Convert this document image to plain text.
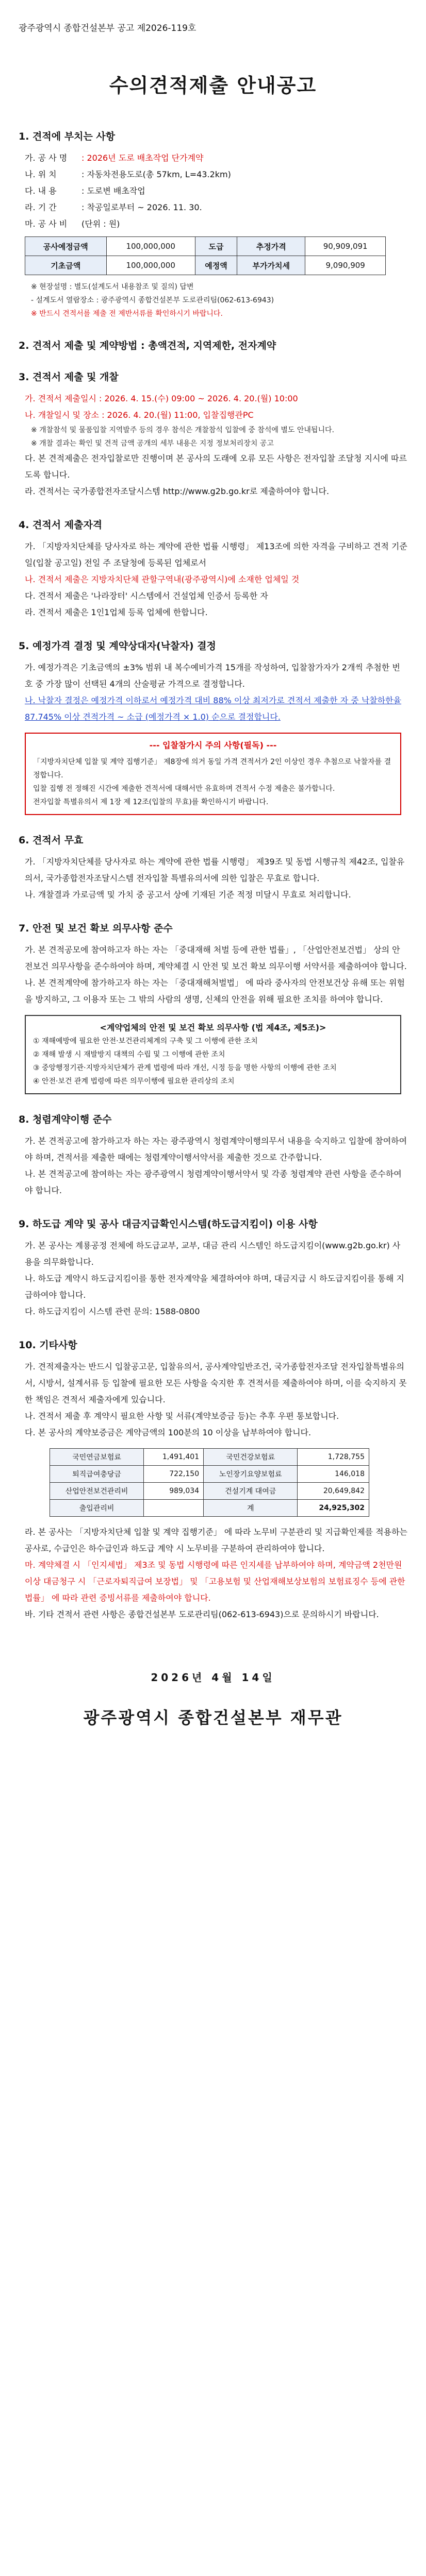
광주광역시 종합건설본부 공고 제2026-119호
수의견적제출 안내공고
1. 견적에 부치는 사항
가. 공 사 명 : 2026년 도로 배초작업 단가계약
나. 위 치	: 자동차전용도로(총 57km, L=43.2km)
다. 내 용	: 도로변 배초작업
라. 기 간	: 착공일로부터 ~ 2026. 11. 30.
마. 공 사 비 (단위 : 원)
공사예정금액	100,000,000	도급	추정가격	90,909,091
기초금액	100,000,000	예정액	부가가치세	9,090,909
※ 현장설명 : 별도(설계도서 내용참조 및 질의) 답변
- 설계도서 열람장소 : 광주광역시 종합건설본부 도로관리팀(062-613-6943)
※ 반드시 견적서를 제출 전 제반서류를 확인하시기 바랍니다.
2. 견적서 제출 및 계약방법 : 총액견적, 지역제한, 전자계약
3. 견적서 제출 및 개찰
가. 견적서 제출일시 : 2026. 4. 15.(수) 09:00 ~ 2026. 4. 20.(월) 10:00
나. 개찰일시 및 장소 : 2026. 4. 20.(월) 11:00, 입찰집행관PC
※ 개찰참석 및 물품입찰 지역발주 등의 경우 참석은 개찰참석 입찰에 중 참석에 별도 안내됩니다.
※ 개찰 결과는 확인 및 견적 금액 공개의 세부 내용은 지정 정보처리장치 공고
다. 본 견적제출은 전자입찰로만 진행이며 본 공사의 도래에 오류 모든 사항은 전자입찰 조달청 지시에 따르도록 합니다.
라. 견적서는 국가종합전자조달시스템 http://www.g2b.go.kr로 제출하여야 합니다.
4. 견적서 제출자격
가. 「지방자치단체를 당사자로 하는 계약에 관한 법률 시행령」 제13조에 의한 자격을 구비하고 견적 기준일(입찰 공고일) 전일 주 조달청에 등록된 업체로서
나. 견적서 제출은 지방자치단체 관할구역내(광주광역시)에 소재한 업체일 것
다. 견적서 제출은 '나라장터' 시스템에서 건설업체 인증서 등록한 자
라. 견적서 제출은 1인1업체 등록 업체에 한합니다.
5. 예정가격 결정 및 계약상대자(낙찰자) 결정
가. 예정가격은 기초금액의 ±3% 범위 내 복수예비가격 15개를 작성하여, 입찰참가자가 2개씩 추첨한 번호 중 가장 많이 선택된 4개의 산술평균 가격으로 결정합니다.
나. 낙찰자 결정은 예정가격 이하로서 예정가격 대비 88% 이상 최저가로 견적서 제출한 자 중 낙찰하한율 87.745% 이상 견적가격 ~ 소급 (예정가격 × 1.0) 순으로 결정합니다.
--- 입찰참가시 주의 사항(필독) ---
「지방자치단체 입찰 및 계약 집행기준」 제8장에 의거 동일 가격 견적서가 2인 이상인 경우 추첨으로 낙찰자를 결정합니다.
입찰 집행 전 정해진 시간에 제출한 견적서에 대해서만 유효하며 견적서 수정 제출은 불가합니다.
전자입찰 특별유의서 제 1장 제 12조(입찰의 무효)를 확인하시기 바랍니다.
6. 견적서 무효
가. 「지방자치단체를 당사자로 하는 계약에 관한 법률 시행령」 제39조 및 동법 시행규칙 제42조, 입찰유의서, 국가종합전자조달시스템 전자입찰 특별유의서에 의한 입찰은 무효로 합니다.
나. 개찰결과 가로금액 및 가치 중 공고서 상에 기재된 기준 적정 미달시 무효로 처리합니다.
7. 안전 및 보건 확보 의무사항 준수
가. 본 견적공모에 참여하고자 하는 자는 「중대재해 처벌 등에 관한 법률」, 「산업안전보건법」 상의 안전보건 의무사항을 준수하여야 하며, 계약체결 시 안전 및 보건 확보 의무이행 서약서를 제출하여야 합니다.
나. 본 견적계약에 참가하고자 하는 자는 「중대재해처벌법」 에 따라 중사자의 안전보건상 유해 또는 위험을 방지하고, 그 이용자 또는 그 밖의 사람의 생명, 신체의 안전을 위해 필요한 조치를 하여야 합니다.
<계약업체의 안전 및 보건 확보 의무사항 (법 제4조, 제5조)>
① 재해예방에 필요한 안전·보건관리체계의 구축 및 그 이행에 관한 조치
② 재해 발생 시 재발방지 대책의 수립 및 그 이행에 관한 조치
③ 중앙행정기관·지방자치단체가 관계 법령에 따라 개선, 시정 등을 명한 사항의 이행에 관한 조치
④ 안전·보건 관계 법령에 따른 의무이행에 필요한 관리상의 조치
8. 청렴계약이행 준수
가. 본 견적공고에 참가하고자 하는 자는 광주광역시 청렴계약이행의무서 내용을 숙지하고 입찰에 참여하여야 하며, 견적서를 제출한 때에는 청렴계약이행서약서를 제출한 것으로 간주합니다.
나. 본 견적공고에 참여하는 자는 광주광역시 청렴계약이행서약서 및 각종 청렴계약 관련 사항을 준수하여야 합니다.
9. 하도급 계약 및 공사 대금지급확인시스템(하도급지킴이) 이용 사항
가. 본 공사는 계룡공정 전체에 하도급교부, 교부, 대금 관리 시스템인 하도급지킴이(www.g2b.go.kr) 사용을 의무화합니다.
나. 하도급 계약시 하도급지킴이를 통한 전자계약을 체결하여야 하며, 대금지급 시 하도급지킴이를 통해 지급하여야 합니다.
다. 하도급지킴이 시스템 관련 문의: 1588-0800
10. 기타사항
가. 견적제출자는 반드시 입찰공고문, 입찰유의서, 공사계약일반조건, 국가종합전자조달 전자입찰특별유의서, 시방서, 설계서류 등 입찰에 필요한 모든 사항을 숙지한 후 견적서를 제출하여야 하며, 이를 숙지하지 못한 책임은 견적서 제출자에게 있습니다.
나. 견적서 제출 후 계약시 필요한 사항 및 서류(계약보증금 등)는 추후 우편 통보합니다.
다. 본 공사의 계약보증금은 계약금액의 100분의 10 이상을 납부하여야 합니다.
국민연금보험료	1,491,401	국민건강보험료	1,728,755
퇴직급여충당금	722,150	노인장기요양보험료	146,018
산업안전보건관리비	989,034	건설기계 대여금	20,649,842
출입관리비		계	24,925,302
라. 본 공사는 「지방자치단체 입찰 및 계약 집행기준」 에 따라 노무비 구분관리 및 지급확인제를 적용하는 공사로, 수급인은 하수급인과 하도급 계약 시 노무비를 구분하여 관리하여야 합니다.
마. 계약체결 시 「인지세법」 제3조 및 동법 시행령에 따른 인지세를 납부하여야 하며, 계약금액 2천만원 이상 대금청구 시 「근로자퇴직급여 보장법」 및 「고용보험 및 산업재해보상보험의 보험료징수 등에 관한 법률」 에 따라 관련 증빙서류를 제출하여야 합니다.
바. 기타 견적서 관련 사항은 종합건설본부 도로관리팀(062-613-6943)으로 문의하시기 바랍니다.
2026년 4월 14일
광주광역시 종합건설본부 재무관
